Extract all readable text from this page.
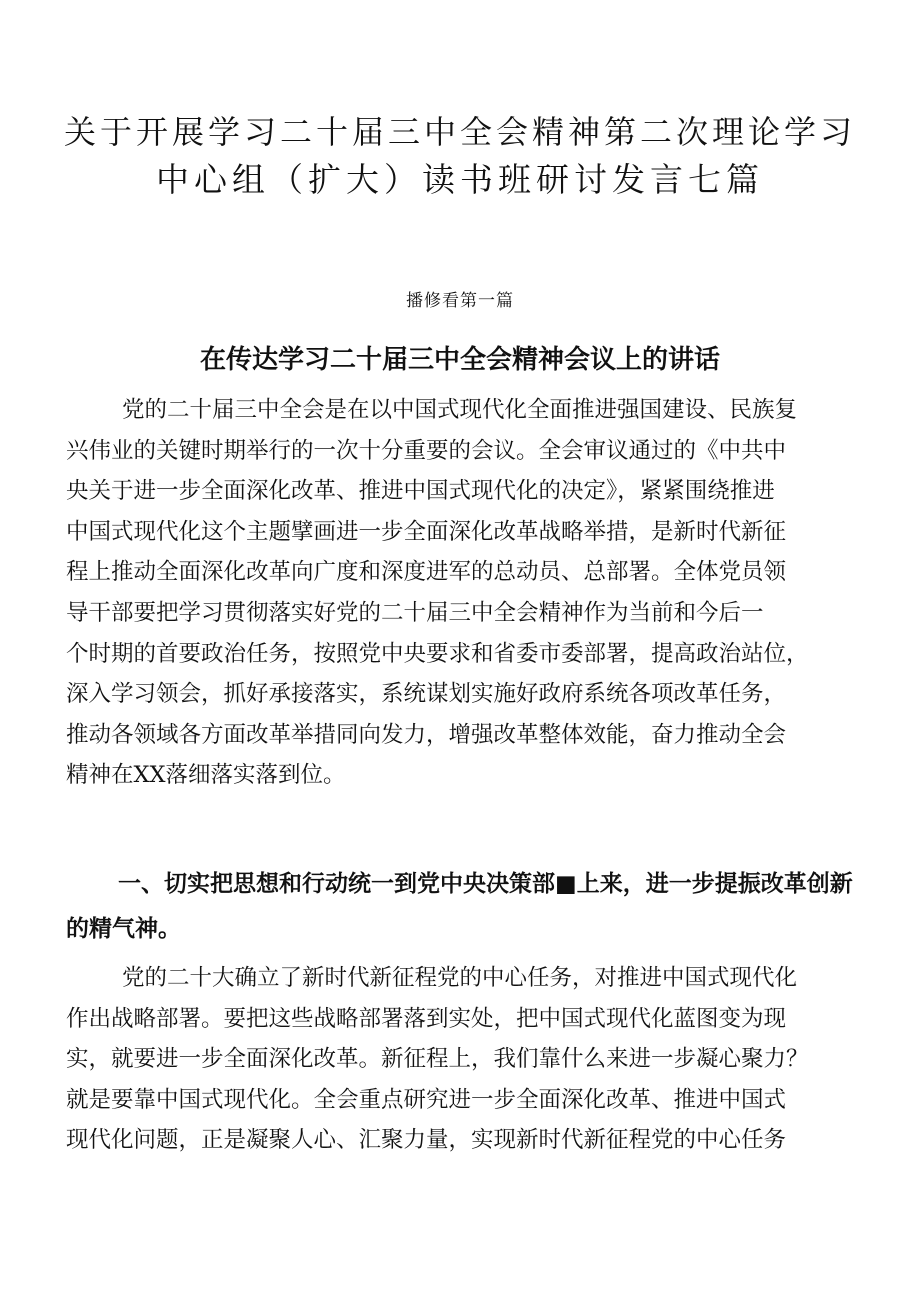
关于开展学习二十届三中全会精神第二次理论学习
中心组（扩大）读书班研讨发言七篇
播修看第一篇
在传达学习二十届三中全会精神会议上的讲话
党的二十届三中全会是在以中国式现代化全面推进强国建设、民族复
兴伟业的关键时期举行的一次十分重要的会议。全会审议通过的《中共中
央关于进一步全面深化改革、推进中国式现代化的决定》，紧紧围绕推进
中国式现代化这个主题擘画进一步全面深化改革战略举措，是新时代新征
程上推动全面深化改革向广度和深度进军的总动员、总部署。全体党员领
导干部要把学习贯彻落实好党的二十届三中全会精神作为当前和今后一
个时期的首要政治任务，按照党中央要求和省委市委部署，提高政治站位，
深入学习领会，抓好承接落实，系统谋划实施好政府系统各项改革任务，
推动各领域各方面改革举措同向发力，增强改革整体效能，奋力推动全会
精神在XX落细落实落到位。
一、切实把思想和行动统一到党中央决策部■上来，进一步提振改革创新
的精气神。
党的二十大确立了新时代新征程党的中心任务，对推进中国式现代化
作出战略部署。要把这些战略部署落到实处，把中国式现代化蓝图变为现
实，就要进一步全面深化改革。新征程上，我们靠什么来进一步凝心聚力？
就是要靠中国式现代化。全会重点研究进一步全面深化改革、推进中国式
现代化问题，正是凝聚人心、汇聚力量，实现新时代新征程党的中心任务
